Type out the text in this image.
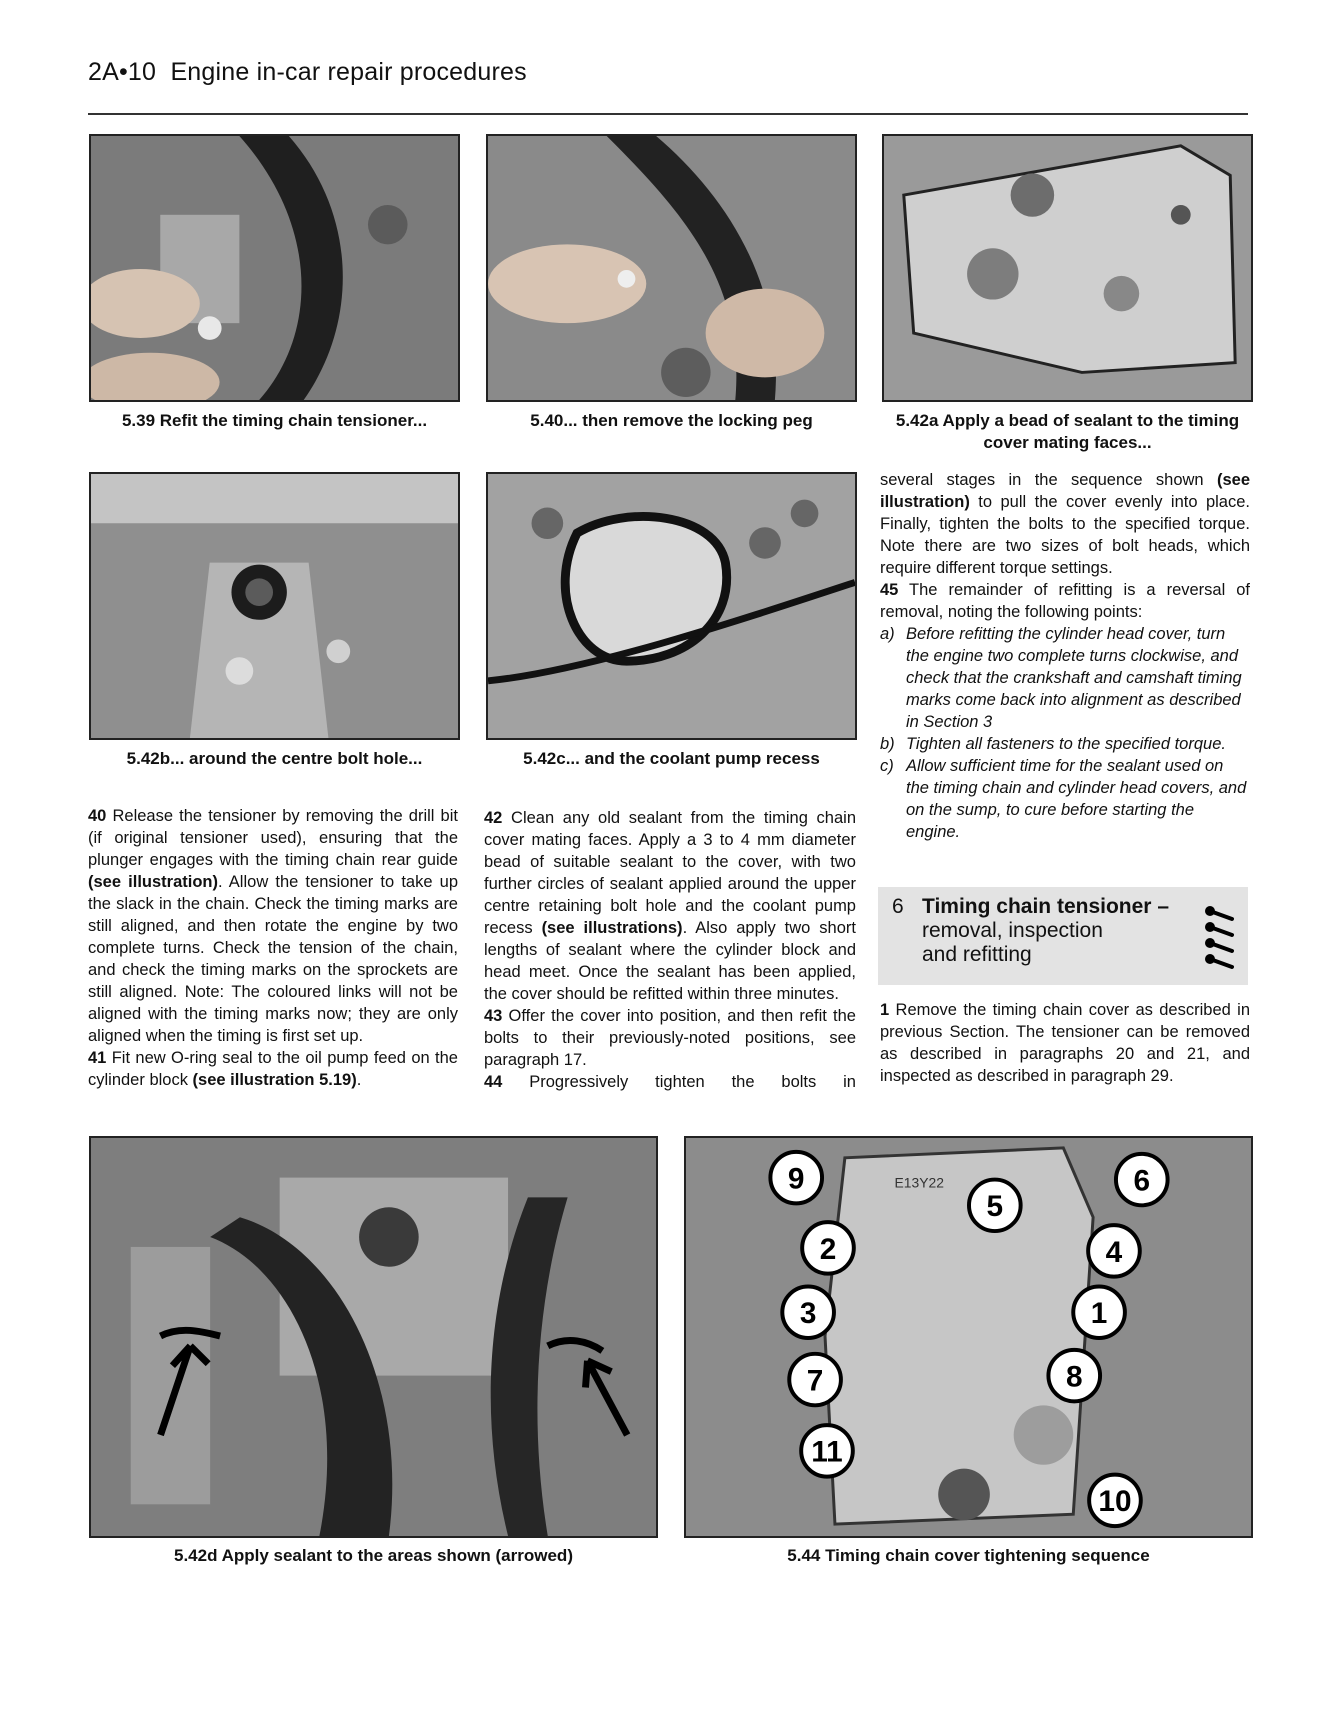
2A•10 Engine in-car repair procedures
5.39 Refit the timing chain tensioner...	5.40... then remove the locking peg	5.42a Apply a bead of sealant to the timing cover mating faces...
5.42b... around the centre bolt hole...	5.42c... and the coolant pump recess

several stages in the sequence shown (see illustration) to pull the cover evenly into place. Finally, tighten the bolts to the specified torque. Note there are two sizes of bolt heads, which require different torque settings.

45 The remainder of refitting is a reversal of removal, noting the following points:

a) Before refitting the cylinder head cover, turn the engine two complete turns clockwise, and check that the crankshaft and camshaft timing marks come back into alignment as described in Section 3

b) Tighten all fasteners to the specified torque.

c) Allow sufficient time for the sealant used on the timing chain and cylinder head covers, and on the sump, to cure before starting the engine.

6 Timing chain tensioner –
removal, inspection
and refitting

40 Release the tensioner by removing the drill bit (if original tensioner used), ensuring that the plunger engages with the timing chain rear guide (see illustration). Allow the tensioner to take up the slack in the chain. Check the timing marks are still aligned, and then rotate the engine by two complete turns. Check the tension of the chain, and check the timing marks on the sprockets are still aligned. Note: The coloured links will not be aligned with the timing marks now; they are only aligned when the timing is first set up.

41 Fit new O-ring seal to the oil pump feed on the cylinder block (see illustration 5.19).

42 Clean any old sealant from the timing chain cover mating faces. Apply a 3 to 4 mm diameter bead of suitable sealant to the cover, with two further circles of sealant applied around the upper centre retaining bolt hole and the coolant pump recess (see illustrations). Also apply two short lengths of sealant where the cylinder block and head meet. Once the sealant has been applied, the cover should be refitted within three minutes.

43 Offer the cover into position, and then refit the bolts to their previously-noted positions, see paragraph 17.

44 Progressively tighten the bolts in

1 Remove the timing chain cover as described in previous Section. The tensioner can be removed as described in paragraphs 20 and 21, and inspected as described in paragraph 29.

E13Y22
9	6
5
2	4
3	1
7	8
11
10
5.42d Apply sealant to the areas shown (arrowed)	5.44 Timing chain cover tightening sequence
